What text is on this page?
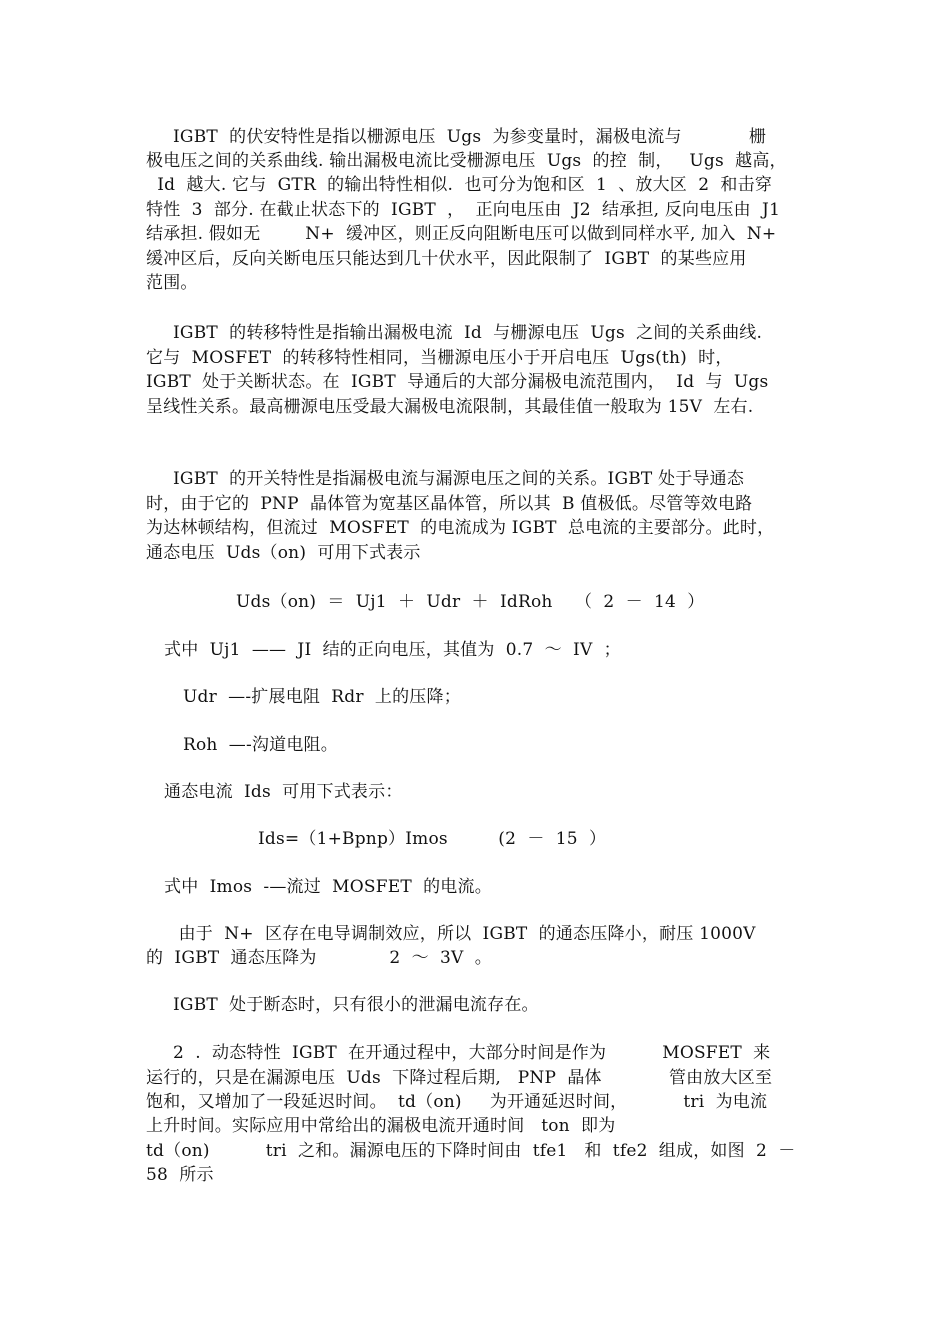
IGBT  的伏安特性是指以栅源电压  Ugs  为参变量时，漏极电流与            栅
极电压之间的关系曲线. 输出漏极电流比受栅源电压  Ugs  的控  制，   Ugs  越高，
Id  越大. 它与  GTR  的输出特性相似.  也可分为饱和区  1  、放大区  2  和击穿
特性  3  部分. 在截止状态下的  IGBT  ，  正向电压由  J2  结承担, 反向电压由  J1
结承担. 假如无        N+  缓冲区，则正反向阻断电压可以做到同样水平, 加入  N+
缓冲区后，反向关断电压只能达到几十伏水平，因此限制了  IGBT  的某些应用
范围。
IGBT  的转移特性是指输出漏极电流  Id  与栅源电压  Ugs  之间的关系曲线.
它与  MOSFET  的转移特性相同，当栅源电压小于开启电压  Ugs(th)  时，
IGBT  处于关断状态。在  IGBT  导通后的大部分漏极电流范围内，  Id  与  Ugs
呈线性关系。最高栅源电压受最大漏极电流限制，其最佳值一般取为 15V  左右.
IGBT  的开关特性是指漏极电流与漏源电压之间的关系。IGBT 处于导通态
时，由于它的  PNP  晶体管为宽基区晶体管，所以其  B 值极低。尽管等效电路
为达林顿结构，但流过  MOSFET  的电流成为 IGBT  总电流的主要部分。此时，
通态电压  Uds（on)  可用下式表示
Uds（on)  ＝  Uj1  ＋  Udr  ＋  IdRoh    （  2  －  14  ）
式中  Uj1  ——  JI  结的正向电压，其值为  0.7  ～  IV  ；
Udr  —-扩展电阻  Rdr  上的压降；
Roh  —-沟道电阻。
通态电流  Ids  可用下式表示：
Ids=（1+Bpnp）Imos         (2  －  15  ）
式中  Imos  -—流过  MOSFET  的电流。
由于  N+  区存在电导调制效应，所以  IGBT  的通态压降小，耐压 1000V
的  IGBT  通态压降为             2  ～  3V  。
IGBT  处于断态时，只有很小的泄漏电流存在。
2  .  动态特性  IGBT  在开通过程中，大部分时间是作为          MOSFET  来
运行的，只是在漏源电压  Uds  下降过程后期,   PNP  晶体            管由放大区至
饱和，又增加了一段延迟时间。  td（on)     为开通延迟时间，          tri  为电流
上升时间。实际应用中常给出的漏极电流开通时间   ton  即为
td（on)          tri  之和。漏源电压的下降时间由  tfe1   和  tfe2  组成，如图  2  －
58  所示
